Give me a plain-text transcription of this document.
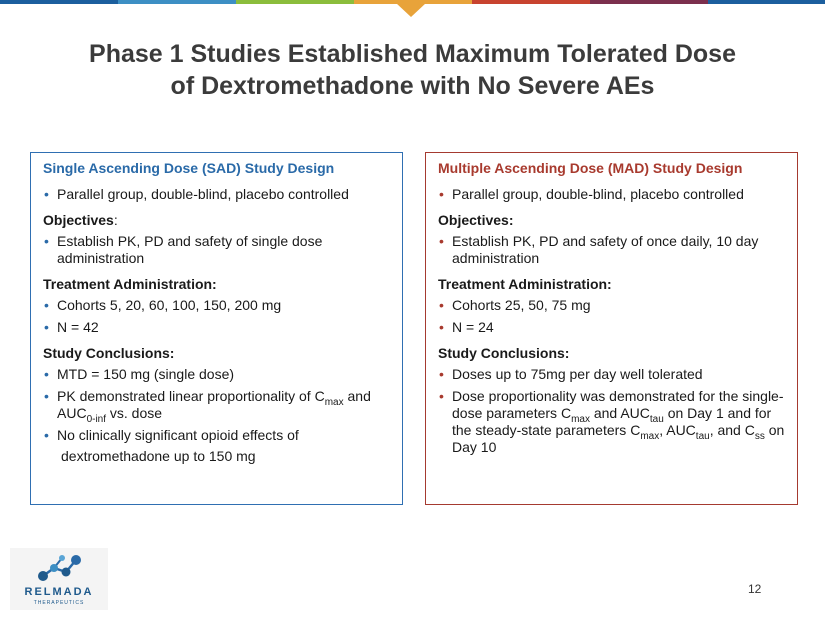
Phase 1 Studies Established Maximum Tolerated Dose
of Dextromethadone with No Severe AEs
Single Ascending Dose (SAD) Study Design
• Parallel group, double-blind, placebo controlled
Objectives:
• Establish PK, PD and safety of single dose administration
Treatment Administration:
• Cohorts 5, 20, 60, 100, 150, 200 mg
• N = 42
Study Conclusions:
• MTD = 150 mg (single dose)
• PK demonstrated linear proportionality of $C_{max}$ and $AUC_{0-inf}$ vs. dose
• No clinically significant opioid effects of
dextromethadone up to 150 mg
Multiple Ascending Dose (MAD) Study Design
• Parallel group, double-blind, placebo controlled
Objectives:
• Establish PK, PD and safety of once daily, 10 day administration
Treatment Administration:
• Cohorts 25, 50, 75 mg
• N = 24
Study Conclusions:
• Doses up to 75mg per day well tolerated
• Dose proportionality was demonstrated for the single-dose parameters $C_{max}$ and $AUC_{tau}$ on Day 1 and for the steady-state parameters $C_{max}$, $AUC_{tau}$, and $C_{ss}$ on Day 10
RELMADA
THERAPEUTICS
12
